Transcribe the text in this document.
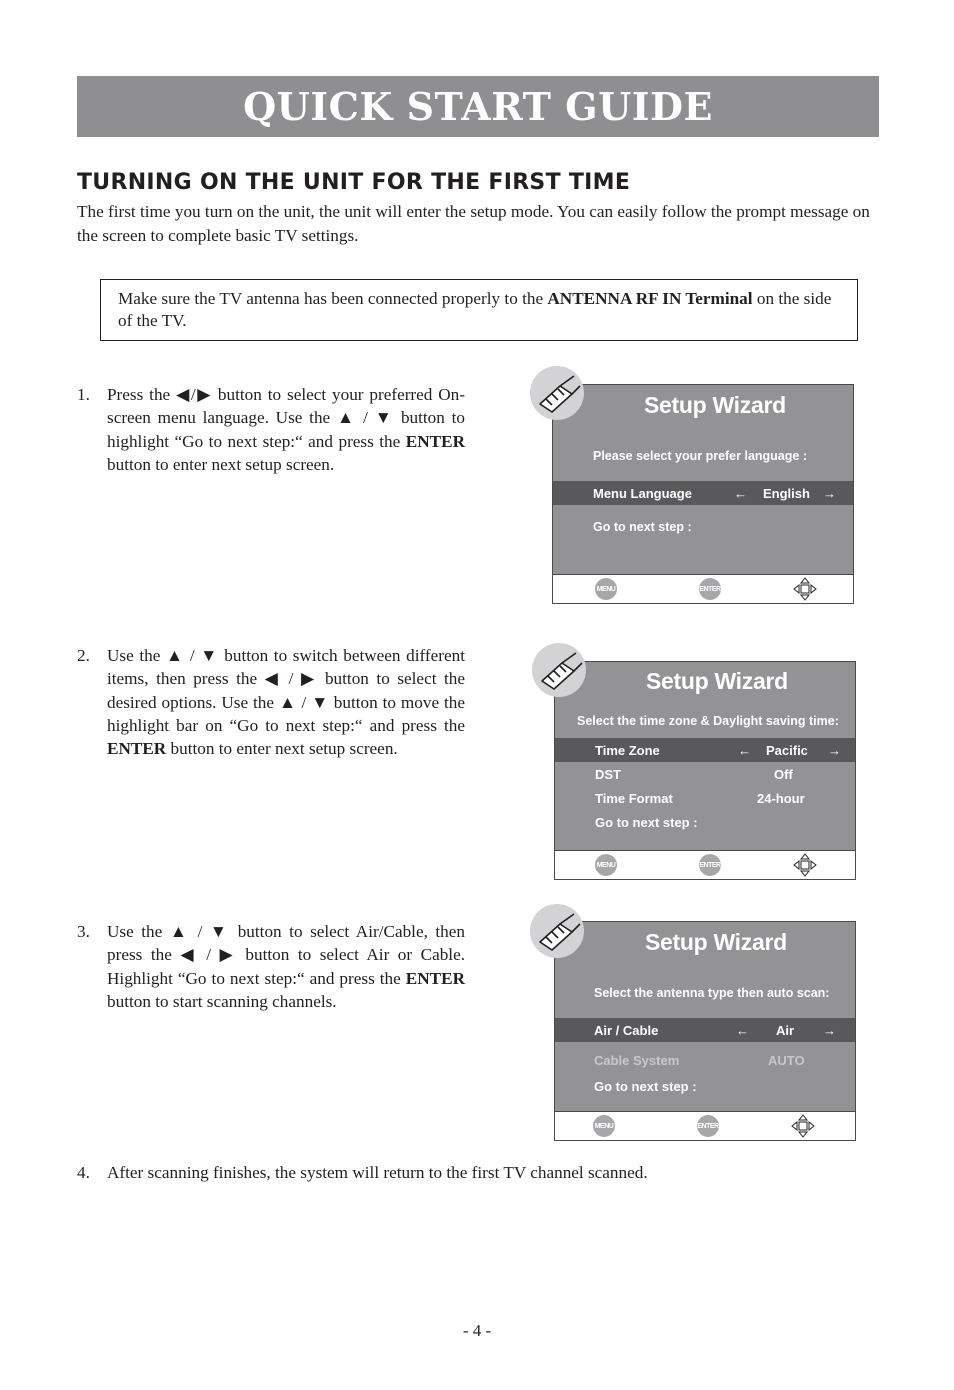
QUICK START GUIDE
TURNING ON THE UNIT FOR THE FIRST TIME
The first time you turn on the unit, the unit will enter the setup mode. You can easily follow the prompt message on the screen to complete basic TV settings.
Make sure the TV antenna has been connected properly to the ANTENNA RF IN Terminal on the side of the TV.
1. Press the ◀/▶ button to select your preferred On-screen menu language. Use the ▲ / ▼ button to highlight “Go to next step:“ and press the ENTER button to enter next setup screen.
2. Use the ▲ / ▼ button to switch between different items, then press the ◀ / ▶ button to select the desired options. Use the ▲ / ▼ button to move the highlight bar on “Go to next step:“ and press the ENTER button to enter next setup screen.
3. Use the ▲ / ▼ button to select Air/Cable, then press the ◀ / ▶ button to select Air or Cable. Highlight “Go to next step:“ and press the ENTER button to start scanning channels.
4. After scanning finishes, the system will return to the first TV channel scanned.
Setup Wizard
Please select your prefer language :
Menu Language	← English →
Go to next step :
MENU	ENTER
Setup Wizard
Select the time zone & Daylight saving time:
Time Zone	← Pacific →
DST	Off
Time Format	24-hour
Go to next step :
MENU	ENTER
Setup Wizard
Select the antenna type then auto scan:
Air / Cable	← Air →
Cable System	AUTO
Go to next step :
MENU	ENTER
- 4 -
